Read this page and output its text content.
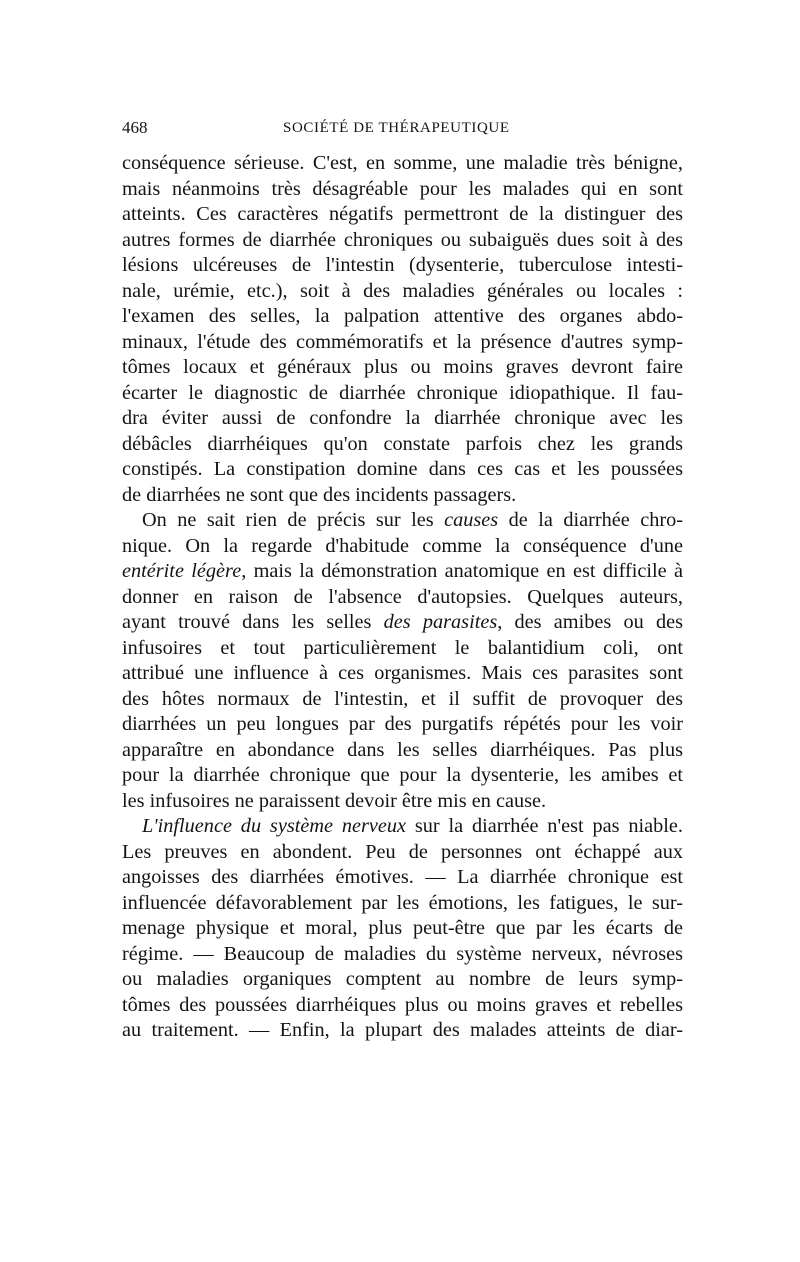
468	SOCIÉTÉ DE THÉRAPEUTIQUE

conséquence sérieuse. C'est, en somme, une maladie très bénigne,
mais néanmoins très désagréable pour les malades qui en sont
atteints. Ces caractères négatifs permettront de la distinguer des
autres formes de diarrhée chroniques ou subaiguës dues soit à des
lésions ulcéreuses de l'intestin (dysenterie, tuberculose intesti-
nale, urémie, etc.), soit à des maladies générales ou locales :
l'examen des selles, la palpation attentive des organes abdo-
minaux, l'étude des commémoratifs et la présence d'autres symp-
tômes locaux et généraux plus ou moins graves devront faire
écarter le diagnostic de diarrhée chronique idiopathique. Il fau-
dra éviter aussi de confondre la diarrhée chronique avec les
débâcles diarrhéiques qu'on constate parfois chez les grands
constipés. La constipation domine dans ces cas et les poussées
de diarrhées ne sont que des incidents passagers.

On ne sait rien de précis sur les causes de la diarrhée chro-
nique. On la regarde d'habitude comme la conséquence d'une
entérite légère, mais la démonstration anatomique en est difficile à
donner en raison de l'absence d'autopsies. Quelques auteurs,
ayant trouvé dans les selles des parasites, des amibes ou des
infusoires et tout particulièrement le balantidium coli, ont
attribué une influence à ces organismes. Mais ces parasites sont
des hôtes normaux de l'intestin, et il suffit de provoquer des
diarrhées un peu longues par des purgatifs répétés pour les voir
apparaître en abondance dans les selles diarrhéiques. Pas plus
pour la diarrhée chronique que pour la dysenterie, les amibes et
les infusoires ne paraissent devoir être mis en cause.

L'influence du système nerveux sur la diarrhée n'est pas niable.
Les preuves en abondent. Peu de personnes ont échappé aux
angoisses des diarrhées émotives. — La diarrhée chronique est
influencée défavorablement par les émotions, les fatigues, le sur-
menage physique et moral, plus peut-être que par les écarts de
régime. — Beaucoup de maladies du système nerveux, névroses
ou maladies organiques comptent au nombre de leurs symp-
tômes des poussées diarrhéiques plus ou moins graves et rebelles
au traitement. — Enfin, la plupart des malades atteints de diar-
